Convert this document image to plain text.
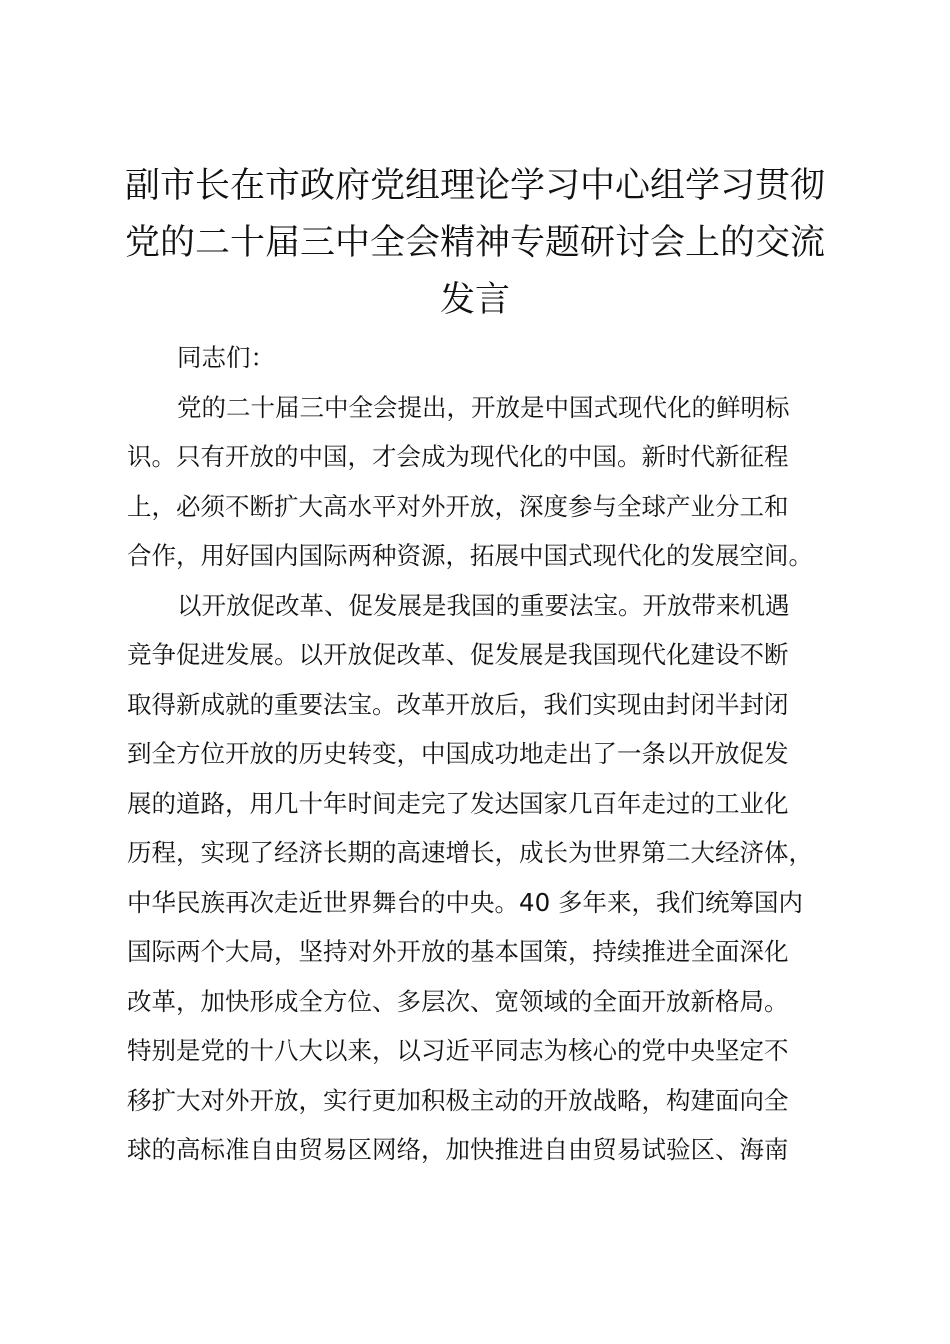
副市长在市政府党组理论学习中心组学习贯彻
党的二十届三中全会精神专题研讨会上的交流
发言

同志们：

党的二十届三中全会提出，开放是中国式现代化的鲜明标
识。只有开放的中国，才会成为现代化的中国。新时代新征程
上，必须不断扩大高水平对外开放，深度参与全球产业分工和
合作，用好国内国际两种资源，拓展中国式现代化的发展空间。

以开放促改革、促发展是我国的重要法宝。开放带来机遇
竞争促进发展。以开放促改革、促发展是我国现代化建设不断
取得新成就的重要法宝。改革开放后，我们实现由封闭半封闭
到全方位开放的历史转变，中国成功地走出了一条以开放促发
展的道路，用几十年时间走完了发达国家几百年走过的工业化
历程，实现了经济长期的高速增长，成长为世界第二大经济体，
中华民族再次走近世界舞台的中央。40 多年来，我们统筹国内
国际两个大局，坚持对外开放的基本国策，持续推进全面深化
改革，加快形成全方位、多层次、宽领域的全面开放新格局。
特别是党的十八大以来，以习近平同志为核心的党中央坚定不
移扩大对外开放，实行更加积极主动的开放战略，构建面向全
球的高标准自由贸易区网络，加快推进自由贸易试验区、海南
